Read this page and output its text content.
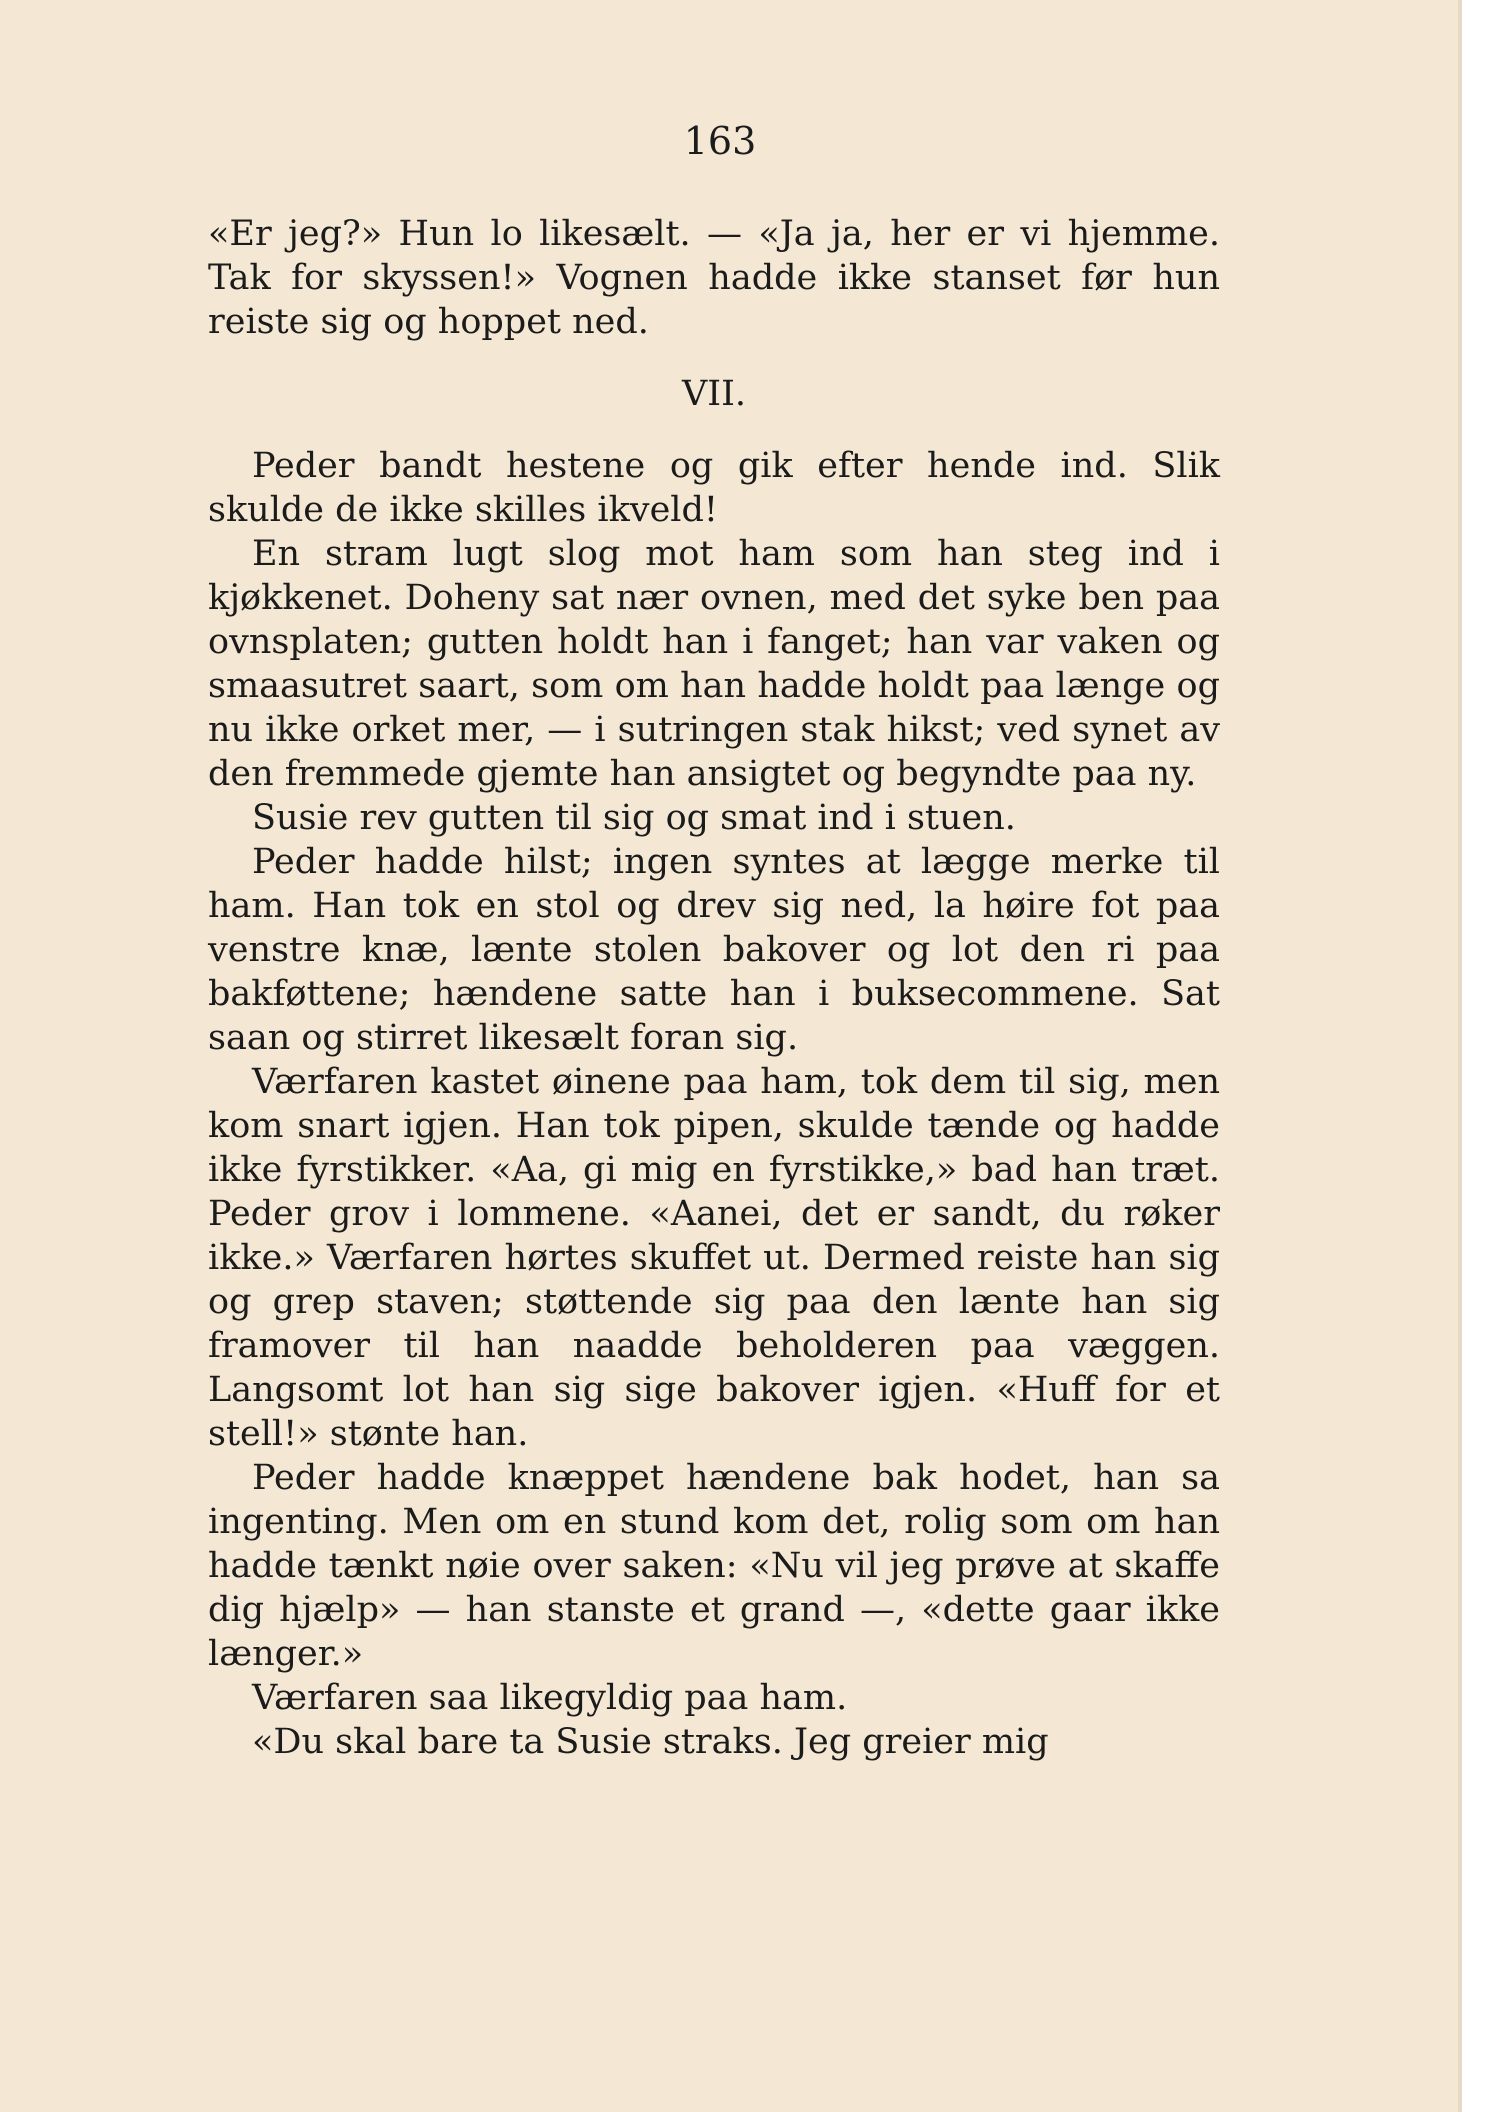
163

«Er jeg?» Hun lo likesælt. — «Ja ja, her er vi hjemme. Tak for skyssen!» Vognen hadde ikke stanset før hun reiste sig og hoppet ned.

VII.

Peder bandt hestene og gik efter hende ind. Slik skulde de ikke skilles ikveld!

En stram lugt slog mot ham som han steg ind i kjøkkenet. Doheny sat nær ovnen, med det syke ben paa ovnsplaten; gutten holdt han i fanget; han var vaken og smaasutret saart, som om han hadde holdt paa længe og nu ikke orket mer, — i sutringen stak hikst; ved synet av den fremmede gjemte han ansigtet og begyndte paa ny.

Susie rev gutten til sig og smat ind i stuen.

Peder hadde hilst; ingen syntes at lægge merke til ham. Han tok en stol og drev sig ned, la høire fot paa venstre knæ, lænte stolen bakover og lot den ri paa bakføttene; hændene satte han i buksecommene. Sat saan og stirret likesælt foran sig.

Værfaren kastet øinene paa ham, tok dem til sig, men kom snart igjen. Han tok pipen, skulde tænde og hadde ikke fyrstikker. «Aa, gi mig en fyrstikke,» bad han træt. Peder grov i lommene. «Aanei, det er sandt, du røker ikke.» Værfaren hørtes skuffet ut. Dermed reiste han sig og grep staven; støttende sig paa den lænte han sig framover til han naadde beholderen paa væggen. Langsomt lot han sig sige bakover igjen. «Huff for et stell!» stønte han.

Peder hadde knæppet hændene bak hodet, han sa ingenting. Men om en stund kom det, rolig som om han hadde tænkt nøie over saken: «Nu vil jeg prøve at skaffe dig hjælp» — han stanste et grand —, «dette gaar ikke længer.»

Værfaren saa likegyldig paa ham.

«Du skal bare ta Susie straks. Jeg greier mig
